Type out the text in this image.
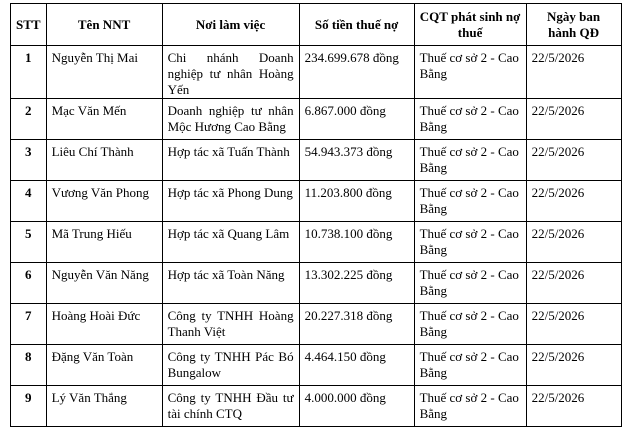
STT	Tên NNT	Nơi làm việc	Số tiền thuế nợ	CQT phát sinh nợ thuế	Ngày ban hành QĐ
1	Nguyễn Thị Mai	Chi nhánh Doanh nghiệp tư nhân Hoàng Yến	234.699.678 đồng	Thuế cơ sở 2 - Cao Bằng	22/5/2026
2	Mạc Văn Mến	Doanh nghiệp tư nhân Mộc Hương Cao Bằng	6.867.000 đồng	Thuế cơ sở 2 - Cao Bằng	22/5/2026
3	Liêu Chí Thành	Hợp tác xã Tuấn Thành	54.943.373 đồng	Thuế cơ sở 2 - Cao Bằng	22/5/2026
4	Vương Văn Phong	Hợp tác xã Phong Dung	11.203.800 đồng	Thuế cơ sở 2 - Cao Bằng	22/5/2026
5	Mã Trung Hiếu	Hợp tác xã Quang Lâm	10.738.100 đồng	Thuế cơ sở 2 - Cao Bằng	22/5/2026
6	Nguyễn Văn Năng	Hợp tác xã Toàn Năng	13.302.225 đồng	Thuế cơ sở 2 - Cao Bằng	22/5/2026
7	Hoàng Hoài Đức	Công ty TNHH Hoàng Thanh Việt	20.227.318 đồng	Thuế cơ sở 2 - Cao Bằng	22/5/2026
8	Đặng Văn Toàn	Công ty TNHH Pác Bó Bungalow	4.464.150 đồng	Thuế cơ sở 2 - Cao Bằng	22/5/2026
9	Lý Văn Thắng	Công ty TNHH Đầu tư tài chính CTQ	4.000.000 đồng	Thuế cơ sở 2 - Cao Bằng	22/5/2026
